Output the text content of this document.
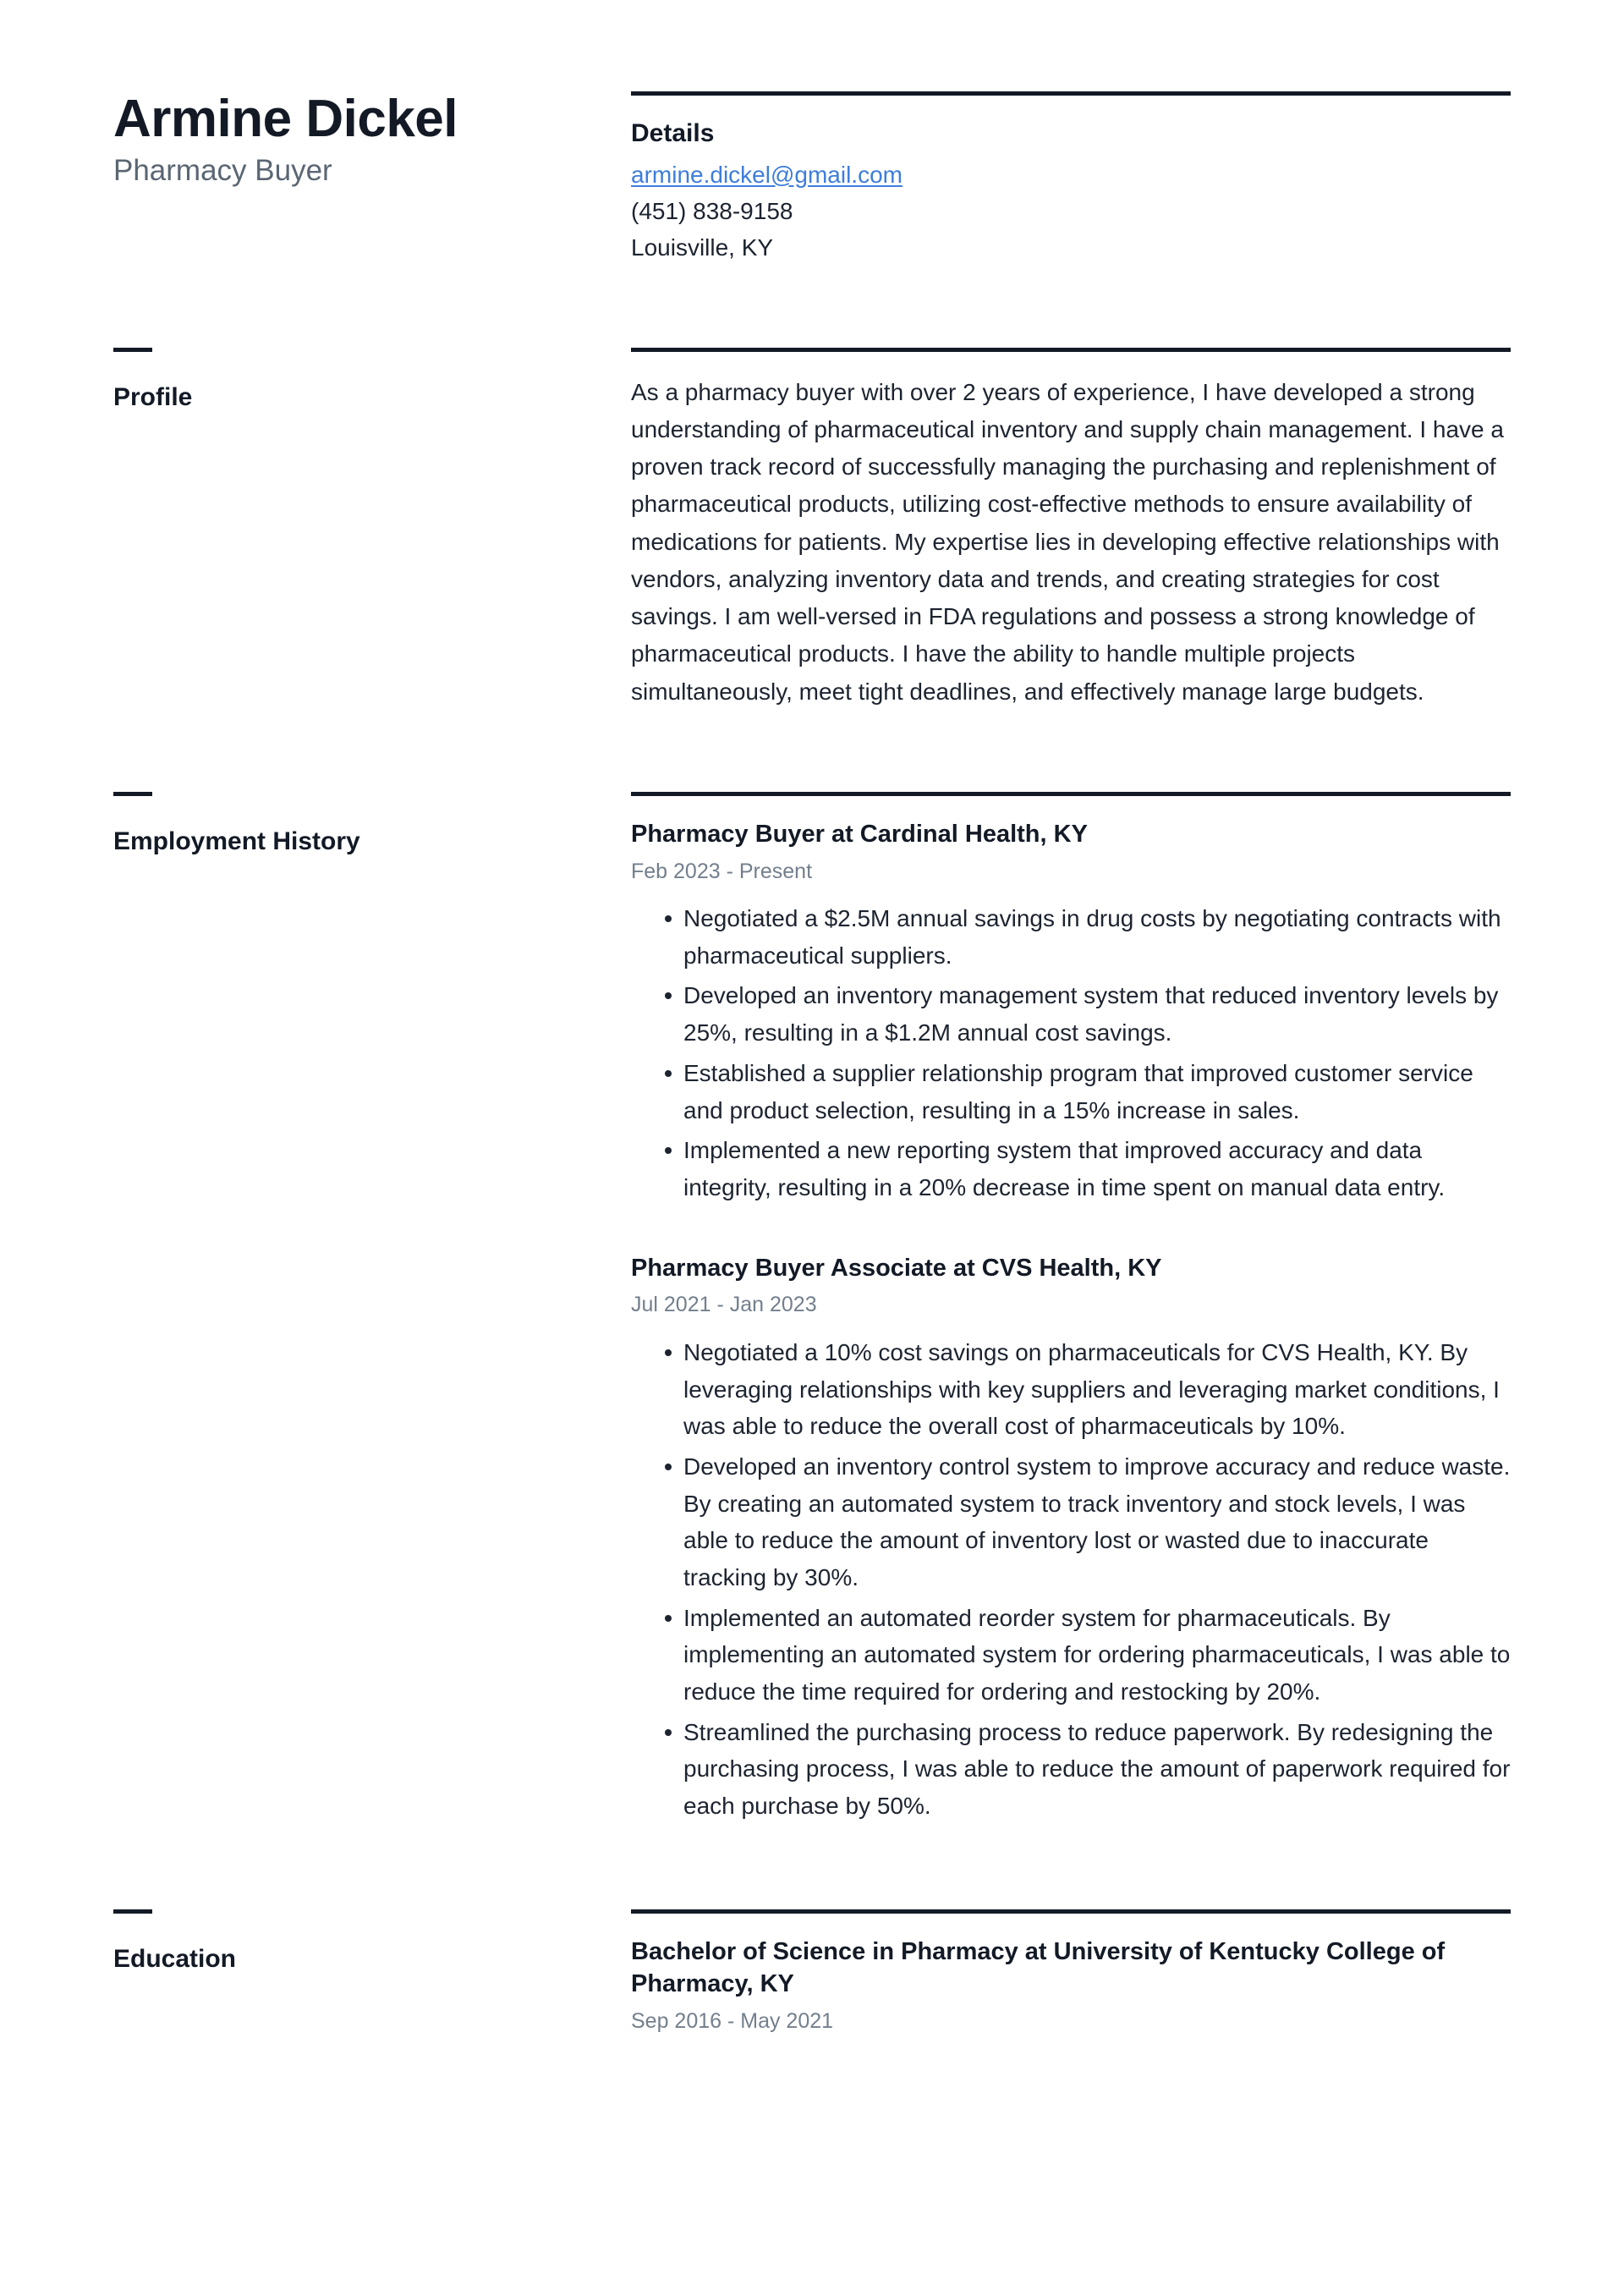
Armine Dickel
Pharmacy Buyer
Details
armine.dickel@gmail.com
(451) 838-9158
Louisville, KY
Profile	As a pharmacy buyer with over 2 years of experience, I have developed a strong understanding of pharmaceutical inventory and supply chain management. I have a proven track record of successfully managing the purchasing and replenishment of pharmaceutical products, utilizing cost-effective methods to ensure availability of medications for patients. My expertise lies in developing effective relationships with vendors, analyzing inventory data and trends, and creating strategies for cost savings. I am well-versed in FDA regulations and possess a strong knowledge of pharmaceutical products. I have the ability to handle multiple projects simultaneously, meet tight deadlines, and effectively manage large budgets.

Employment History	Pharmacy Buyer at Cardinal Health, KY
Feb 2023 - Present
Negotiated a $2.5M annual savings in drug costs by negotiating contracts with pharmaceutical suppliers.
Developed an inventory management system that reduced inventory levels by 25%, resulting in a $1.2M annual cost savings.
Established a supplier relationship program that improved customer service and product selection, resulting in a 15% increase in sales.
Implemented a new reporting system that improved accuracy and data integrity, resulting in a 20% decrease in time spent on manual data entry.
Pharmacy Buyer Associate at CVS Health, KY
Jul 2021 - Jan 2023
Negotiated a 10% cost savings on pharmaceuticals for CVS Health, KY. By leveraging relationships with key suppliers and leveraging market conditions, I was able to reduce the overall cost of pharmaceuticals by 10%.
Developed an inventory control system to improve accuracy and reduce waste. By creating an automated system to track inventory and stock levels, I was able to reduce the amount of inventory lost or wasted due to inaccurate tracking by 30%.
Implemented an automated reorder system for pharmaceuticals. By implementing an automated system for ordering pharmaceuticals, I was able to reduce the time required for ordering and restocking by 20%.
Streamlined the purchasing process to reduce paperwork. By redesigning the purchasing process, I was able to reduce the amount of paperwork required for each purchase by 50%.
Education	Bachelor of Science in Pharmacy at University of Kentucky College of Pharmacy, KY
Sep 2016 - May 2021
